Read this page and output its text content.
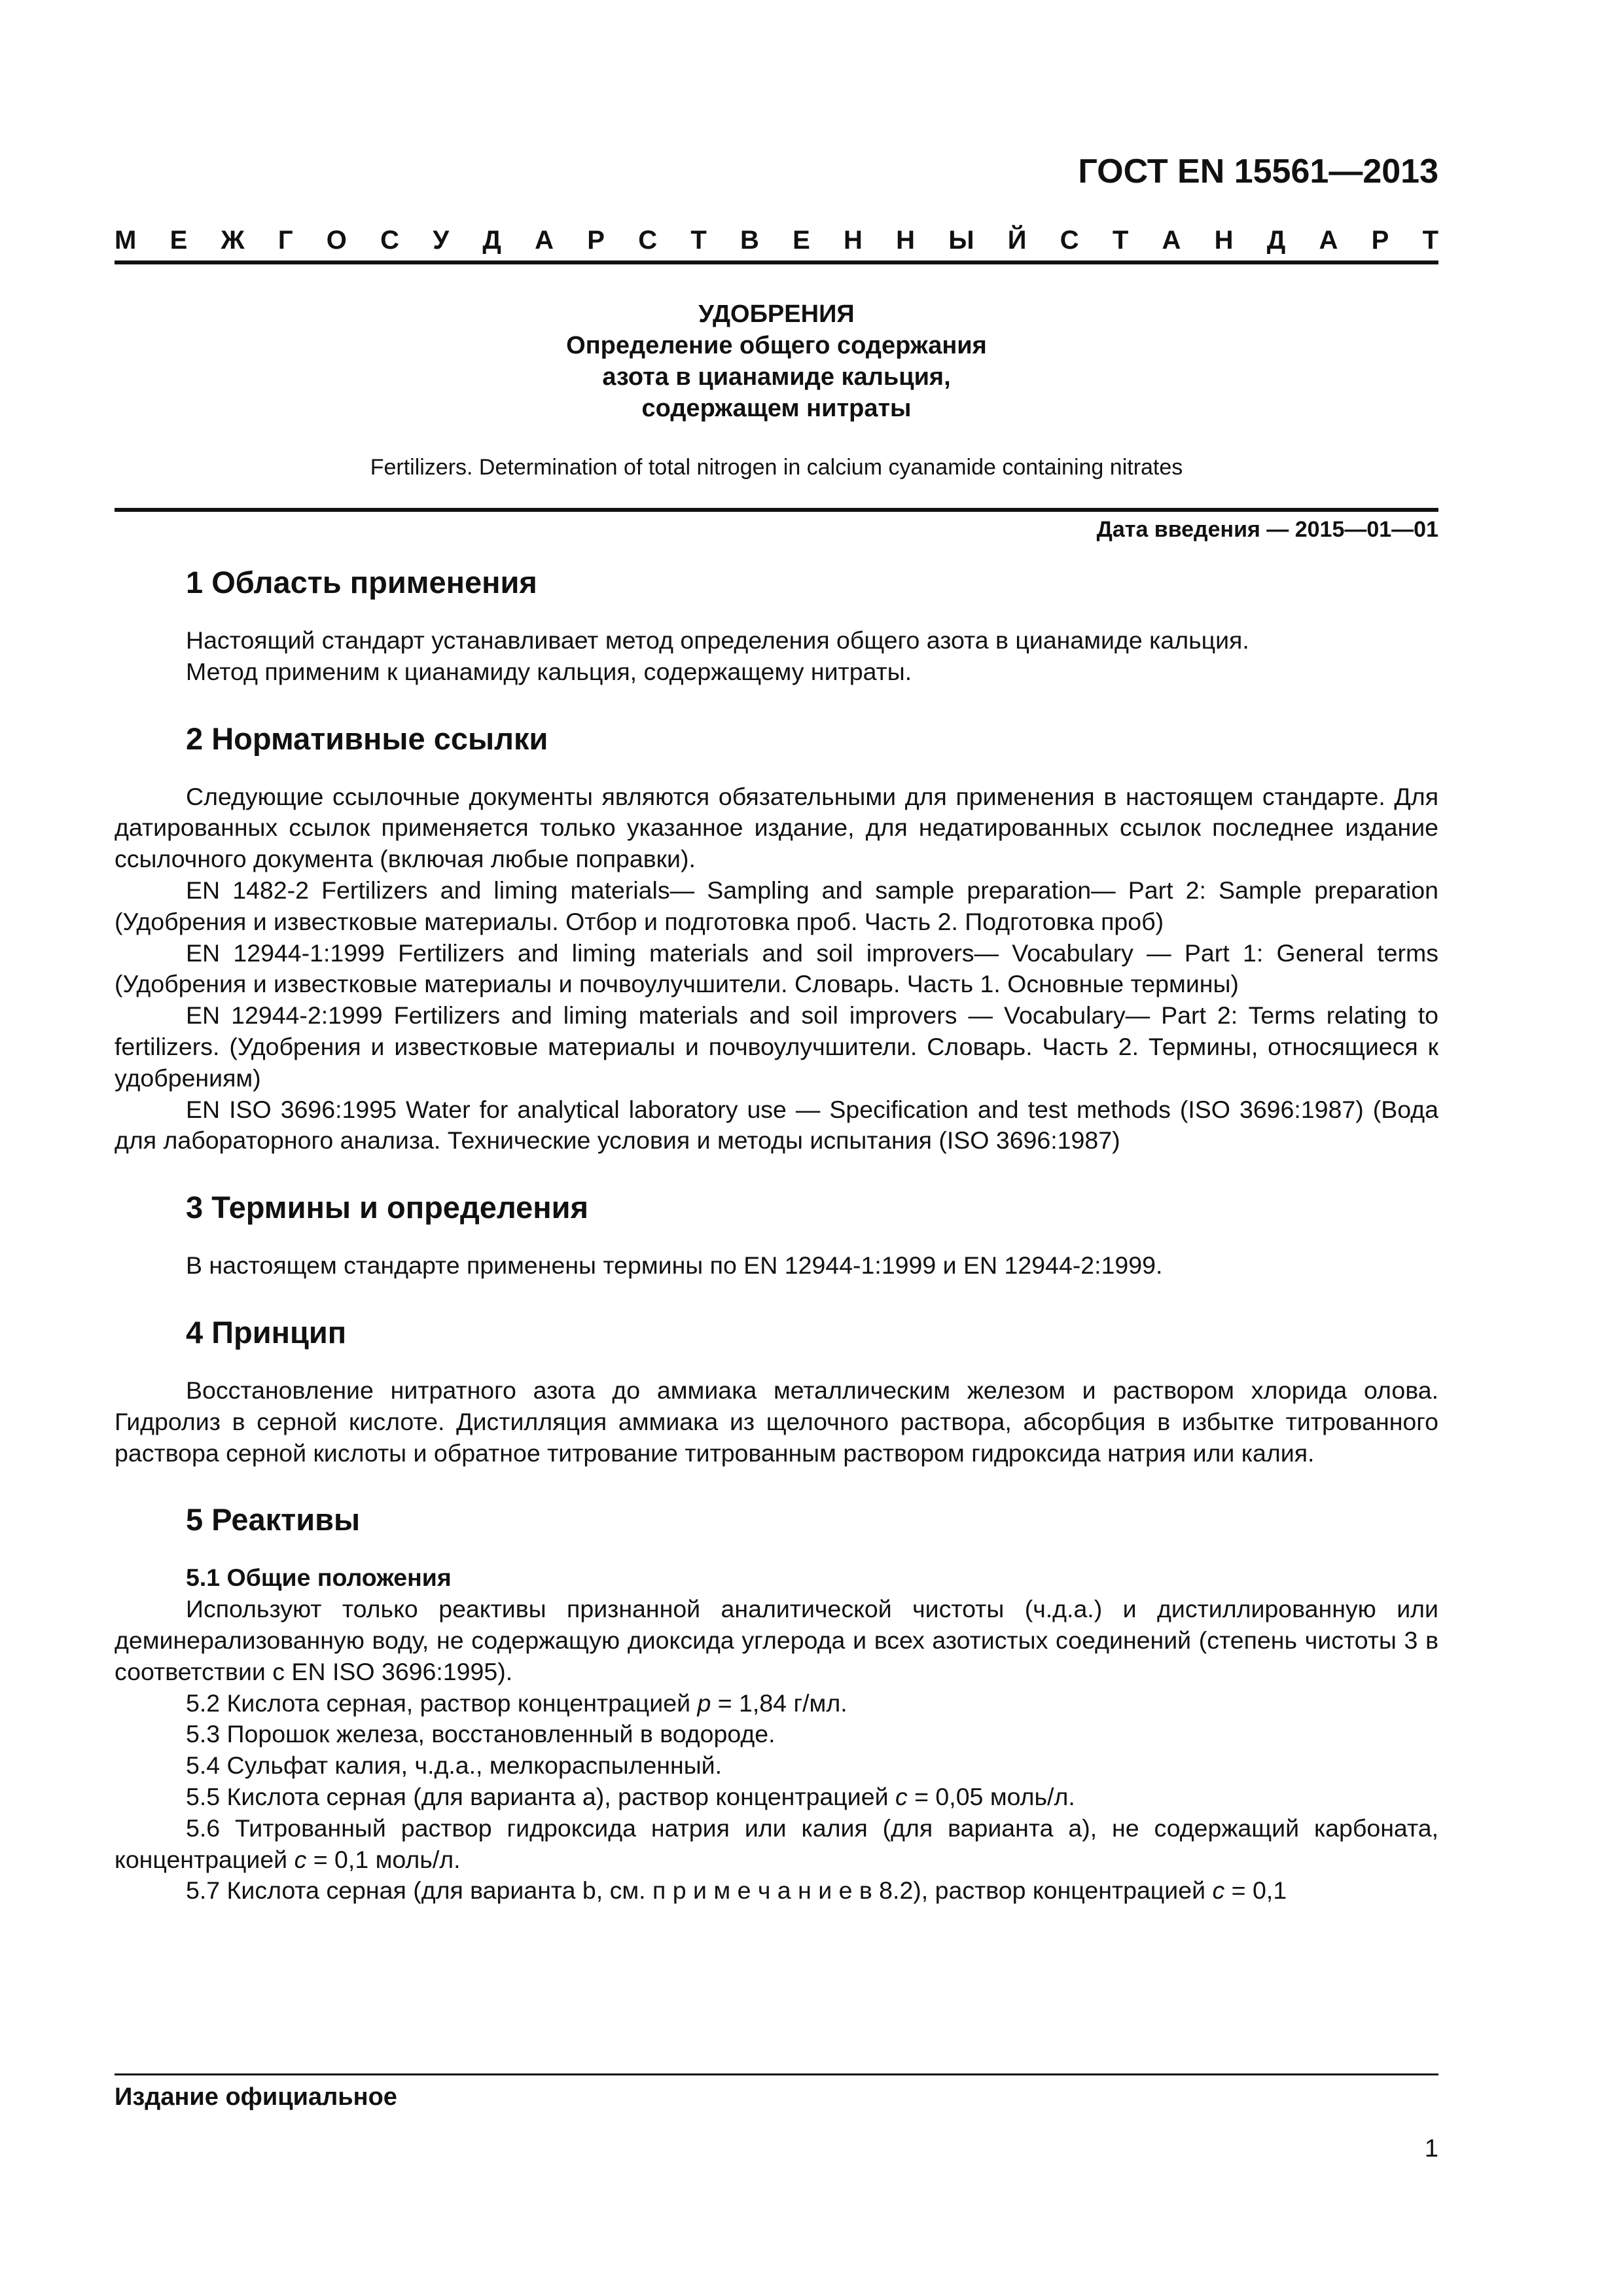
ГОСТ EN 15561—2013
М Е Ж Г О С У Д А Р С Т В Е Н Н Ы Й С Т А Н Д А Р Т
УДОБРЕНИЯ
Определение общего содержания
азота в цианамиде кальция,
содержащем нитраты
Fertilizers. Determination of total nitrogen in calcium cyanamide containing nitrates
Дата введения — 2015—01—01
1 Область применения

Настоящий стандарт устанавливает метод определения общего азота в цианамиде кальция.

Метод применим к цианамиду кальция, содержащему нитраты.

2 Нормативные ссылки

Следующие ссылочные документы являются обязательными для применения в настоящем стандарте. Для датированных ссылок применяется только указанное издание, для недатированных ссылок последнее издание ссылочного документа (включая любые поправки).

EN 1482-2 Fertilizers and liming materials— Sampling and sample preparation— Part 2: Sample preparation (Удобрения и известковые материалы. Отбор и подготовка проб. Часть 2. Подготовка проб)

EN 12944-1:1999 Fertilizers and liming materials and soil improvers— Vocabulary — Part 1: General terms (Удобрения и известковые материалы и почвоулучшители. Словарь. Часть 1. Основные термины)

EN 12944-2:1999 Fertilizers and liming materials and soil improvers — Vocabulary— Part 2: Terms relating to fertilizers. (Удобрения и известковые материалы и почвоулучшители. Словарь. Часть 2. Термины, относящиеся к удобрениям)

EN ISO 3696:1995 Water for analytical laboratory use — Specification and test methods (ISO 3696:1987) (Вода для лабораторного анализа. Технические условия и методы испытания (ISO 3696:1987)

3 Термины и определения

В настоящем стандарте применены термины по EN 12944-1:1999 и EN 12944-2:1999.

4 Принцип

Восстановление нитратного азота до аммиака металлическим железом и раствором хлорида олова. Гидролиз в серной кислоте. Дистилляция аммиака из щелочного раствора, абсорбция в избытке титрованного раствора серной кислоты и обратное титрование титрованным раствором гидроксида натрия или калия.

5 Реактивы

5.1 Общие положения

Используют только реактивы признанной аналитической чистоты (ч.д.а.) и дистиллированную или деминерализованную воду, не содержащую диоксида углерода и всех азотистых соединений (степень чистоты 3 в соответствии с EN ISO 3696:1995).

5.2 Кислота серная, раствор концентрацией p = 1,84 г/мл.

5.3 Порошок железа, восстановленный в водороде.

5.4 Сульфат калия, ч.д.а., мелкораспыленный.

5.5 Кислота серная (для варианта а), раствор концентрацией с = 0,05 моль/л.

5.6 Титрованный раствор гидроксида натрия или калия (для варианта а), не содержащий карбоната, концентрацией с = 0,1 моль/л.

5.7 Кислота серная (для варианта b, см. п р и м е ч а н и е в 8.2), раствор концентрацией с = 0,1

Издание официальное
1
